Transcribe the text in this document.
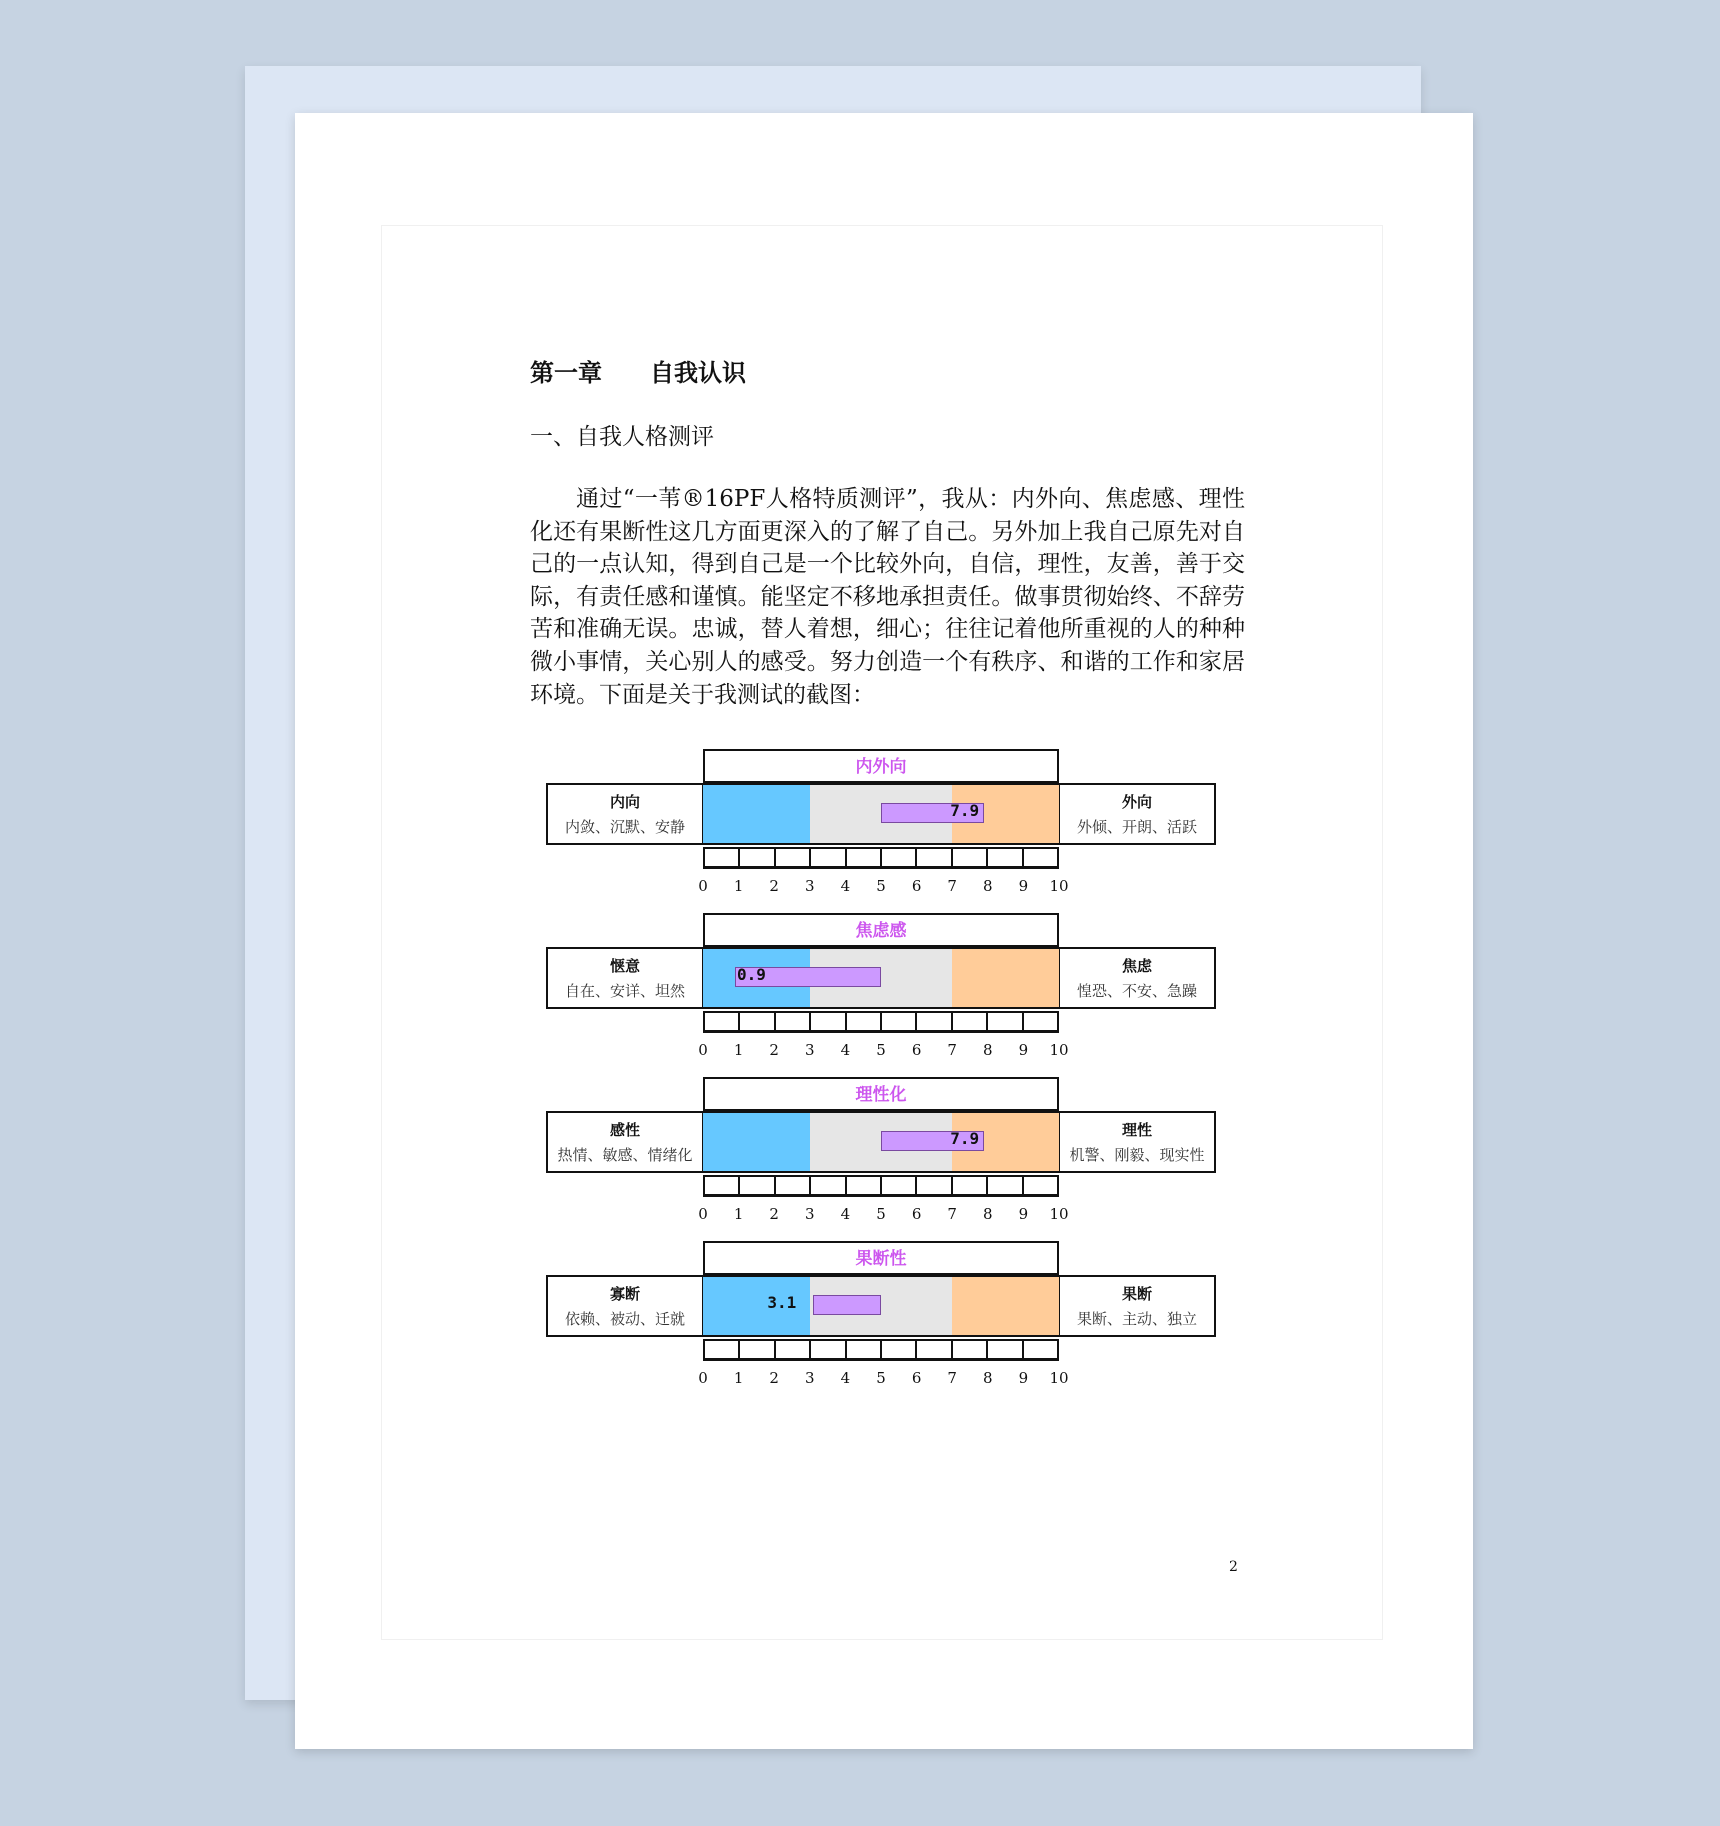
第一章　　自我认识
一、自我人格测评
通过“一苇®16PF人格特质测评”，我从：内外向、焦虑感、理性化还有果断性这几方面更深入的了解了自己。另外加上我自己原先对自己的一点认知，得到自己是一个比较外向，自信，理性，友善，善于交际，有责任感和谨慎。能坚定不移地承担责任。做事贯彻始终、不辞劳苦和准确无误。忠诚，替人着想，细心；往往记着他所重视的人的种种微小事情，关心别人的感受。努力创造一个有秩序、和谐的工作和家居环境。下面是关于我测试的截图：
内外向
内向
内敛、沉默、安静
外向
外倾、开朗、活跃
0	1	2	3	4	5	6	7	8	9	10
7.9
焦虑感
惬意
自在、安详、坦然
焦虑
惶恐、不安、急躁
0	1	2	3	4	5	6	7	8	9	10
0.9
理性化
感性
热情、敏感、情绪化
理性
机警、刚毅、现实性
0	1	2	3	4	5	6	7	8	9	10
7.9
果断性
寡断
依赖、被动、迁就
果断
果断、主动、独立
0	1	2	3	4	5	6	7	8	9	10
3.1
2
